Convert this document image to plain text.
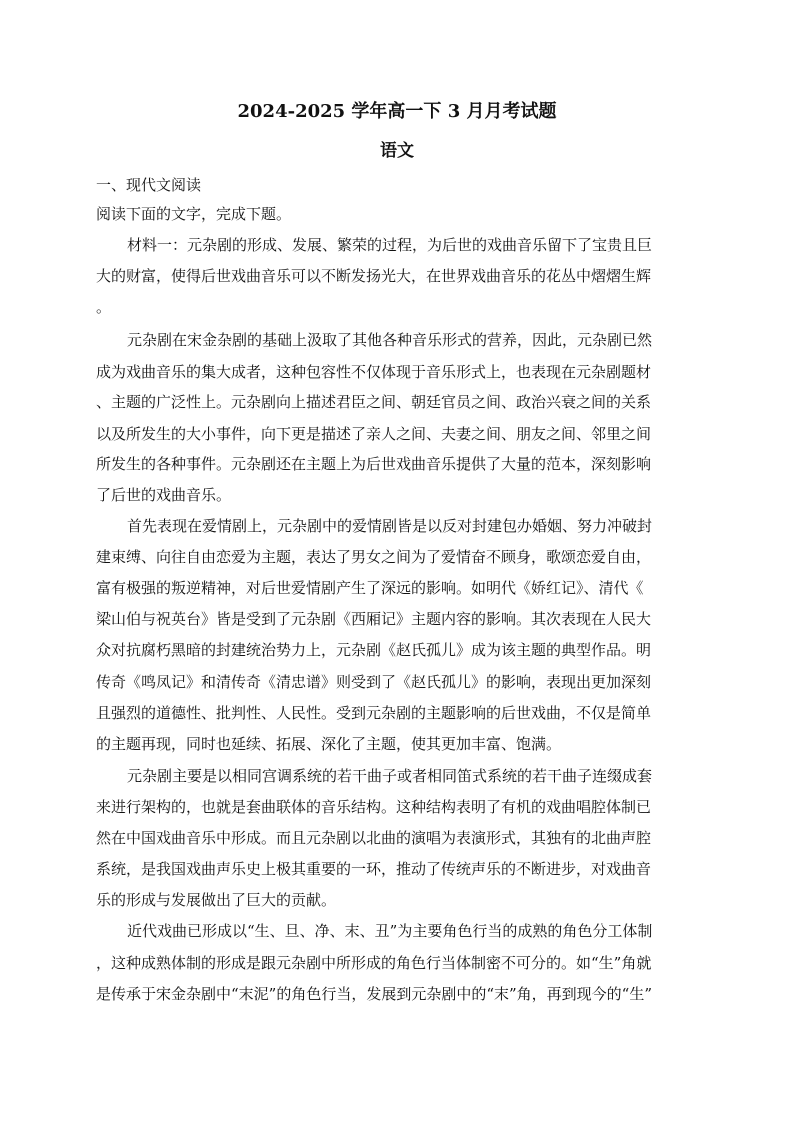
2024-2025 学年高一下 3 月月考试题
语文
一、现代文阅读
阅读下面的文字，完成下题。
材料一：元杂剧的形成、发展、繁荣的过程，为后世的戏曲音乐留下了宝贵且巨
大的财富，使得后世戏曲音乐可以不断发扬光大，在世界戏曲音乐的花丛中熠熠生辉
。
元杂剧在宋金杂剧的基础上汲取了其他各种音乐形式的营养，因此，元杂剧已然
成为戏曲音乐的集大成者，这种包容性不仅体现于音乐形式上，也表现在元杂剧题材
、主题的广泛性上。元杂剧向上描述君臣之间、朝廷官员之间、政治兴衰之间的关系
以及所发生的大小事件，向下更是描述了亲人之间、夫妻之间、朋友之间、邻里之间
所发生的各种事件。元杂剧还在主题上为后世戏曲音乐提供了大量的范本，深刻影响
了后世的戏曲音乐。
首先表现在爱情剧上，元杂剧中的爱情剧皆是以反对封建包办婚姻、努力冲破封
建束缚、向往自由恋爱为主题，表达了男女之间为了爱情奋不顾身，歌颂恋爱自由，
富有极强的叛逆精神，对后世爱情剧产生了深远的影响。如明代《娇红记》、清代《
梁山伯与祝英台》皆是受到了元杂剧《西厢记》主题内容的影响。其次表现在人民大
众对抗腐朽黑暗的封建统治势力上，元杂剧《赵氏孤儿》成为该主题的典型作品。明
传奇《鸣凤记》和清传奇《清忠谱》则受到了《赵氏孤儿》的影响，表现出更加深刻
且强烈的道德性、批判性、人民性。受到元杂剧的主题影响的后世戏曲，不仅是简单
的主题再现，同时也延续、拓展、深化了主题，使其更加丰富、饱满。
元杂剧主要是以相同宫调系统的若干曲子或者相同笛式系统的若干曲子连缀成套
来进行架构的，也就是套曲联体的音乐结构。这种结构表明了有机的戏曲唱腔体制已
然在中国戏曲音乐中形成。而且元杂剧以北曲的演唱为表演形式，其独有的北曲声腔
系统，是我国戏曲声乐史上极其重要的一环，推动了传统声乐的不断进步，对戏曲音
乐的形成与发展做出了巨大的贡献。
近代戏曲已形成以“生、旦、净、末、丑”为主要角色行当的成熟的角色分工体制
，这种成熟体制的形成是跟元杂剧中所形成的角色行当体制密不可分的。如“生”角就
是传承于宋金杂剧中“末泥”的角色行当，发展到元杂剧中的“末”角，再到现今的“生”
